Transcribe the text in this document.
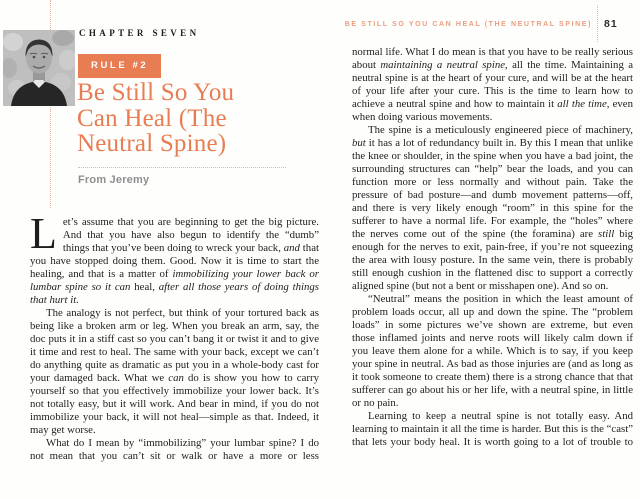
CHAPTER SEVEN
RULE #2
Be Still So You
Can Heal (The
Neutral Spine)
From Jeremy
BE STILL SO YOU CAN HEAL (THE NEUTRAL SPINE) 81

Let’s assume that you are beginning to get the big picture. And that you have also begun to identify the “dumb” things that you’ve been doing to wreck your back, and that you have stopped doing them. Good. Now it is time to start the healing, and that is a matter of immobilizing your lower back or lumbar spine so it can heal, after all those years of doing things that hurt it.

The analogy is not perfect, but think of your tortured back as being like a broken arm or leg. When you break an arm, say, the doc puts it in a stiff cast so you can’t bang it or twist it and to give it time and rest to heal. The same with your back, except we can’t do anything quite as dramatic as put you in a whole-body cast for your damaged back. What we can do is show you how to carry yourself so that you effectively immobilize your lower back. It’s not totally easy, but it will work. And bear in mind, if you do not immobilize your back, it will not heal—simple as that. Indeed, it may get worse.

What do I mean by “immobilizing” your lumbar spine? I do not mean that you can’t sit or walk or have a more or less

normal life. What I do mean is that you have to be really serious about maintaining a neutral spine, all the time. Maintaining a neutral spine is at the heart of your cure, and will be at the heart of your life after your cure. This is the time to learn how to achieve a neutral spine and how to maintain it all the time, even when doing various movements.

The spine is a meticulously engineered piece of machinery, but it has a lot of redundancy built in. By this I mean that unlike the knee or shoulder, in the spine when you have a bad joint, the surrounding structures can “help” bear the loads, and you can function more or less normally and without pain. Take the pressure of bad posture—and dumb movement patterns—off, and there is very likely enough “room” in this spine for the sufferer to have a normal life. For example, the “holes” where the nerves come out of the spine (the foramina) are still big enough for the nerves to exit, pain-free, if you’re not squeezing the area with lousy posture. In the same vein, there is probably still enough cushion in the flattened disc to support a correctly aligned spine (but not a bent or misshapen one). And so on.

“Neutral” means the position in which the least amount of problem loads occur, all up and down the spine. The “problem loads” in some pictures we’ve shown are extreme, but even those inflamed joints and nerve roots will likely calm down if you leave them alone for a while. Which is to say, if you keep your spine in neutral. As bad as those injuries are (and as long as it took someone to create them) there is a strong chance that that sufferer can go about his or her life, with a neutral spine, in little or no pain.

Learning to keep a neutral spine is not totally easy. And learning to maintain it all the time is harder. But this is the “cast” that lets your body heal. It is worth going to a lot of trouble to
